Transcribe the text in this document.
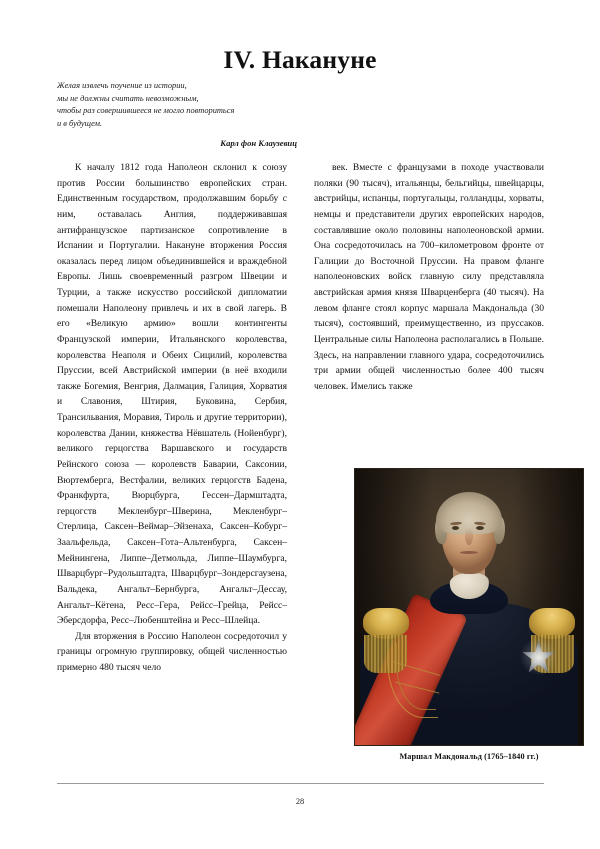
IV. Накануне
Желая извлечь поучение из истории,
мы не должны считать невозможным,
чтобы раз совершившееся не могло повториться
и в будущем.
Карл фон Клаузевиц

К началу 1812 года Наполеон склонил к союзу против России большинство европейских стран. Единственным государством, продолжавшим борьбу с ним, оставалась Англия, поддерживавшая антифранцузское партизанское сопротивление в Испании и Португалии. Накануне вторжения Россия оказалась перед лицом объединившейся и враждебной Европы. Лишь своевременный разгром Швеции и Турции, а также искусство российской дипломатии помешали Наполеону привлечь и их в свой лагерь. В его «Великую армию» вошли контингенты Французской империи, Итальянского королевства, королевства Неаполя и Обеих Сицилий, королевства Пруссии, всей Австрийской империи (в неё входили также Богемия, Венгрия, Далмация, Галиция, Хорватия и Славония, Штирия, Буковина, Сербия, Трансильвания, Моравия, Тироль и другие территории), королевства Дании, княжества Нёвшатель (Нойенбург), великого герцогства Варшавского и государств Рейнского союза — королевств Баварии, Саксонии, Вюртемберга, Вестфалии, великих герцогств Бадена, Франкфурта, Вюрцбурга, Гессен–Дармштадта, герцогств Мекленбург–Шверина, Мекленбург–Стерлица, Саксен–Веймар–Эйзенаха, Саксен–Кобург–Заальфельда, Саксен–Гота–Альтенбурга, Саксен–Мейнингена, Липпе–Детмольда, Липпе–Шаумбурга, Шварцбург–Рудольштадта, Шварцбург–Зондерсгаузена, Вальдека, Ангальт–Бернбурга, Ангальт–Дессау, Ангальт–Кётена, Ресс–Гера, Рейсс–Грейца, Рейсс–Эберсдорфа, Ресс–Любенштейна и Ресс–Шлейца.

Для вторжения в Россию Наполеон сосредоточил у границы огромную группировку, общей численностью примерно 480 тысяч чело

век. Вместе с французами в походе участвовали поляки (90 тысяч), итальянцы, бельгийцы, швейцарцы, австрийцы, испанцы, португальцы, голландцы, хорваты, немцы и представители других европейских народов, составлявшие около половины наполеоновской армии. Она сосредоточилась на 700–километровом фронте от Галиции до Восточной Пруссии. На правом фланге наполеоновских войск главную силу представляла австрийская армия князя Шварценберга (40 тысяч). На левом фланге стоял корпус маршала Макдональда (30 тысяч), состоявший, преимущественно, из пруссаков. Центральные силы Наполеона располагались в Польше. Здесь, на направлении главного удара, сосредоточились три армии общей численностью более 400 тысяч человек. Имелись также

Маршал Макдональд (1765–1840 гг.)
28
